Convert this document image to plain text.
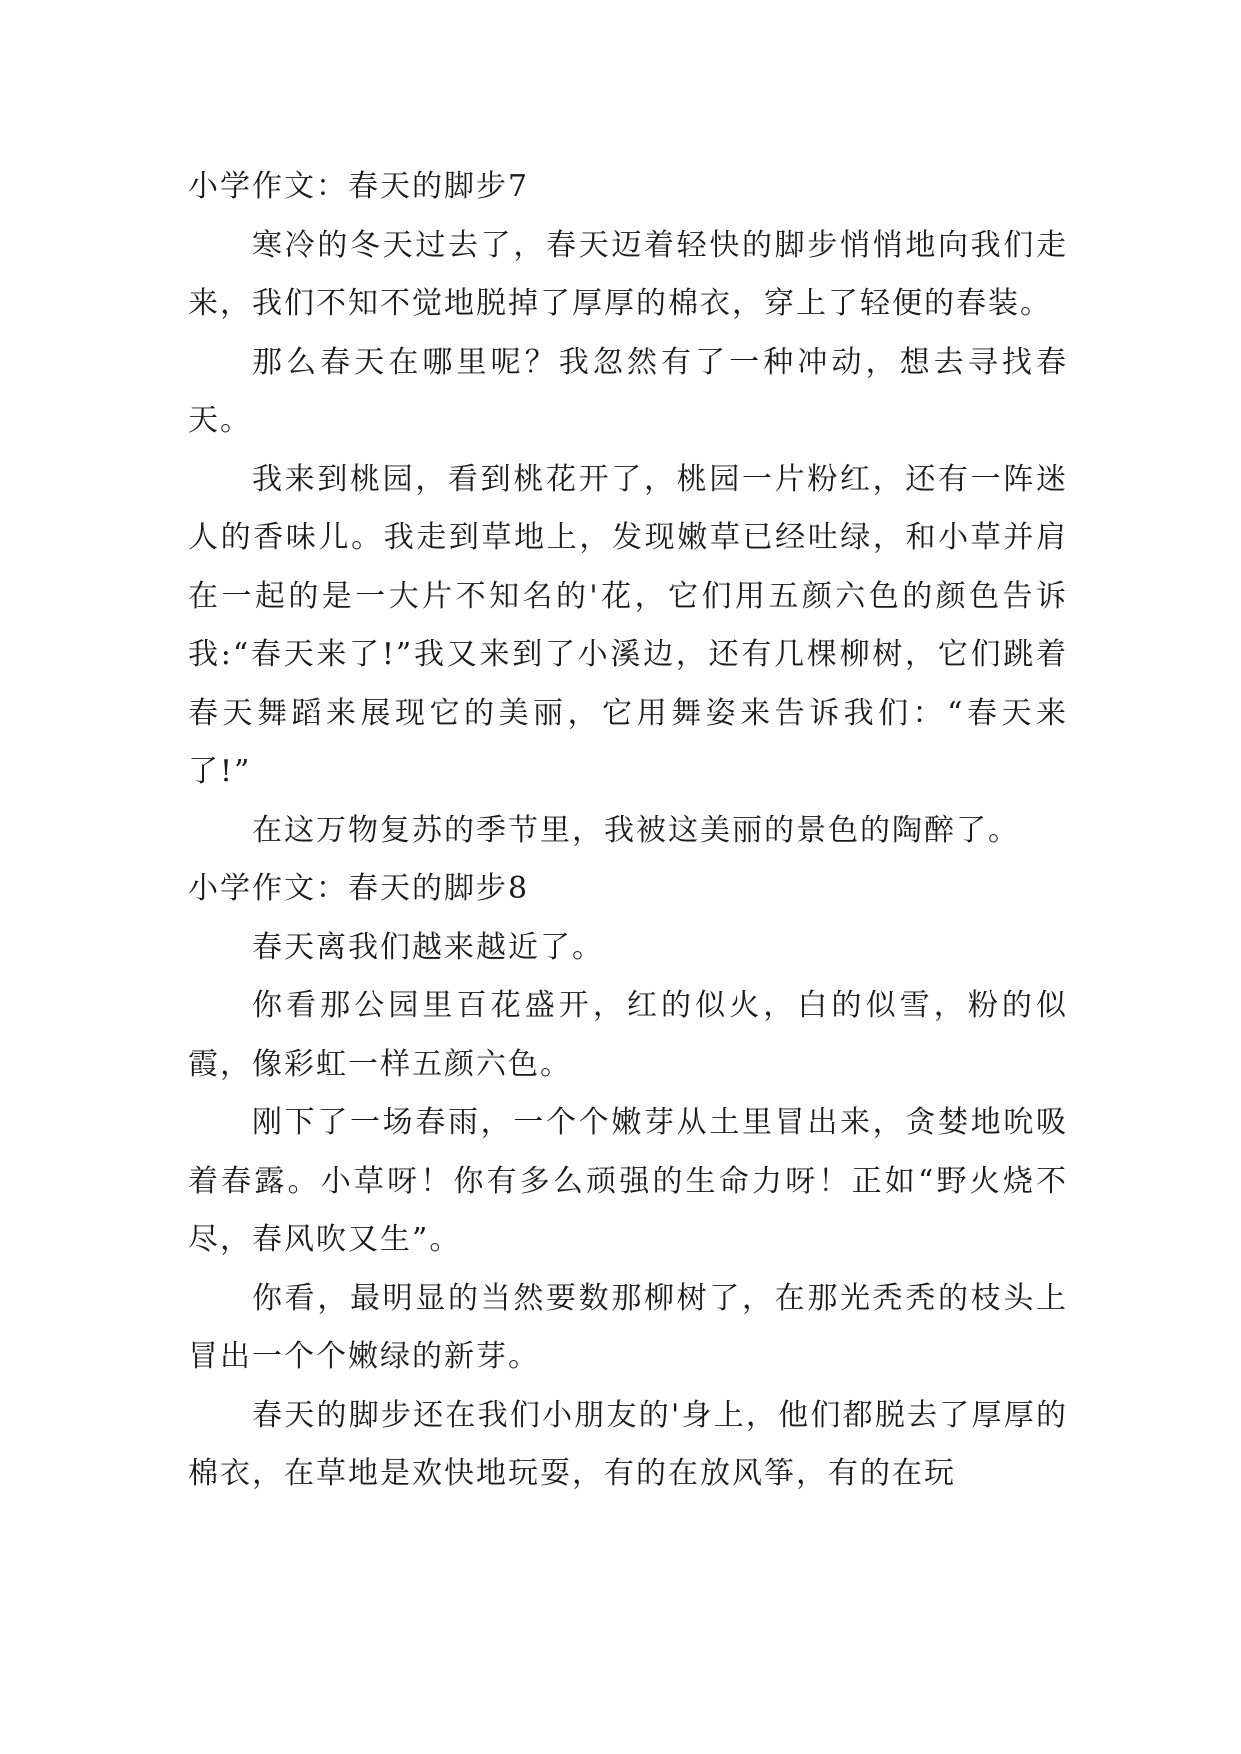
小学作文：春天的脚步7

寒冷的冬天过去了，春天迈着轻快的脚步悄悄地向我们走来，我们不知不觉地脱掉了厚厚的棉衣，穿上了轻便的春装。

那么春天在哪里呢？我忽然有了一种冲动，想去寻找春天。

我来到桃园，看到桃花开了，桃园一片粉红，还有一阵迷人的香味儿。我走到草地上，发现嫩草已经吐绿，和小草并肩在一起的是一大片不知名的'花，它们用五颜六色的颜色告诉我:“春天来了!”我又来到了小溪边，还有几棵柳树，它们跳着春天舞蹈来展现它的美丽，它用舞姿来告诉我们：“春天来了!”

在这万物复苏的季节里，我被这美丽的景色的陶醉了。

小学作文：春天的脚步8

春天离我们越来越近了。

你看那公园里百花盛开，红的似火，白的似雪，粉的似霞，像彩虹一样五颜六色。

刚下了一场春雨，一个个嫩芽从土里冒出来，贪婪地吮吸着春露。小草呀！你有多么顽强的生命力呀！正如“野火烧不尽，春风吹又生”。

你看，最明显的当然要数那柳树了，在那光秃秃的枝头上冒出一个个嫩绿的新芽。

春天的脚步还在我们小朋友的'身上，他们都脱去了厚厚的棉衣，在草地是欢快地玩耍，有的在放风筝，有的在玩
